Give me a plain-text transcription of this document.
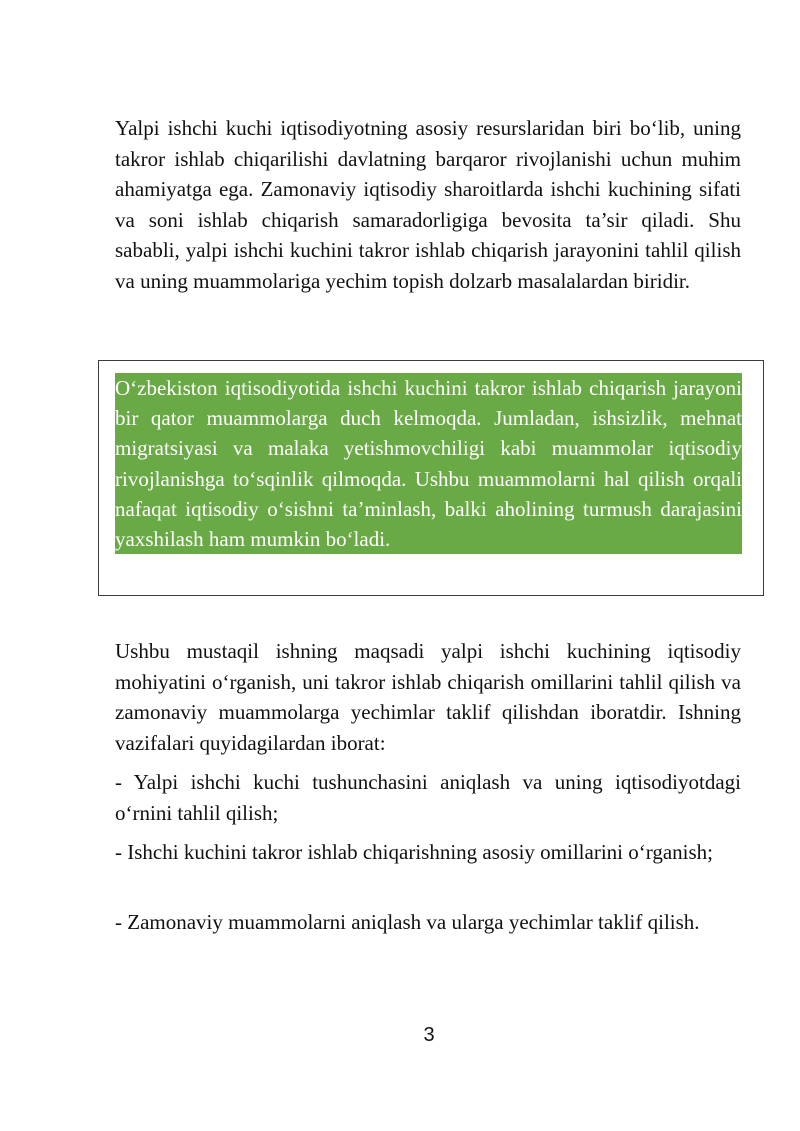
Yalpi ishchi kuchi iqtisodiyotning asosiy resurslaridan biri bo‘lib, uning takror ishlab chiqarilishi davlatning barqaror rivojlanishi uchun muhim ahamiyatga ega. Zamonaviy iqtisodiy sharoitlarda ishchi kuchining sifati va soni ishlab chiqarish samaradorligiga bevosita ta’sir qiladi. Shu sababli, yalpi ishchi kuchini takror ishlab chiqarish jarayonini tahlil qilish va uning muammolariga yechim topish dolzarb masalalardan biridir.

O‘zbekiston iqtisodiyotida ishchi kuchini takror ishlab chiqarish jarayoni bir qator muammolarga duch kelmoqda. Jumladan, ishsizlik, mehnat migratsiyasi va malaka yetishmovchiligi kabi muammolar iqtisodiy rivojlanishga to‘sqinlik qilmoqda. Ushbu muammolarni hal qilish orqali nafaqat iqtisodiy o‘sishni ta’minlash, balki aholining turmush darajasini yaxshilash ham mumkin bo‘ladi.

Ushbu mustaqil ishning maqsadi yalpi ishchi kuchining iqtisodiy mohiyatini o‘rganish, uni takror ishlab chiqarish omillarini tahlil qilish va zamonaviy muammolarga yechimlar taklif qilishdan iboratdir. Ishning vazifalari quyidagilardan iborat:

- Yalpi ishchi kuchi tushunchasini aniqlash va uning iqtisodiyotdagi o‘rnini tahlil qilish;

- Ishchi kuchini takror ishlab chiqarishning asosiy omillarini o‘rganish;

- Zamonaviy muammolarni aniqlash va ularga yechimlar taklif qilish.

3
